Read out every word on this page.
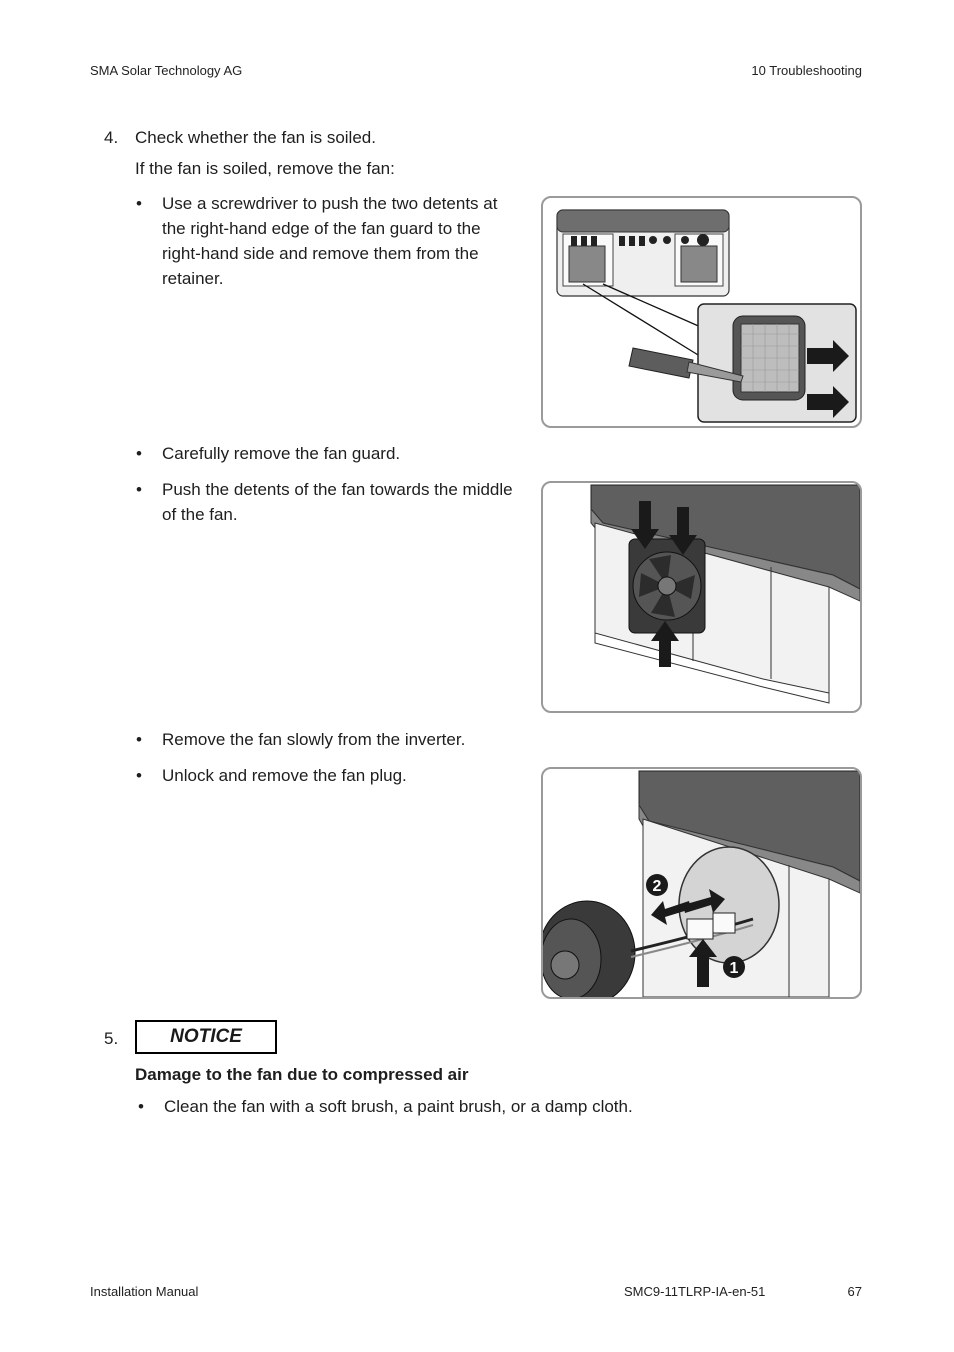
SMA Solar Technology AG	10 Troubleshooting
4. Check whether the fan is soiled.
If the fan is soiled, remove the fan:
• Use a screwdriver to push the two detents at
the right-hand edge of the fan guard to the
right-hand side and remove them from the
retainer.
• Carefully remove the fan guard.
• Push the detents of the fan towards the middle
of the fan.
• Remove the fan slowly from the inverter.
• Unlock and remove the fan plug.
2
1
5.	NOTICE
Damage to the fan due to compressed air
• Clean the fan with a soft brush, a paint brush, or a damp cloth.
Installation Manual	SMC9-11TLRP-IA-en-51	67
